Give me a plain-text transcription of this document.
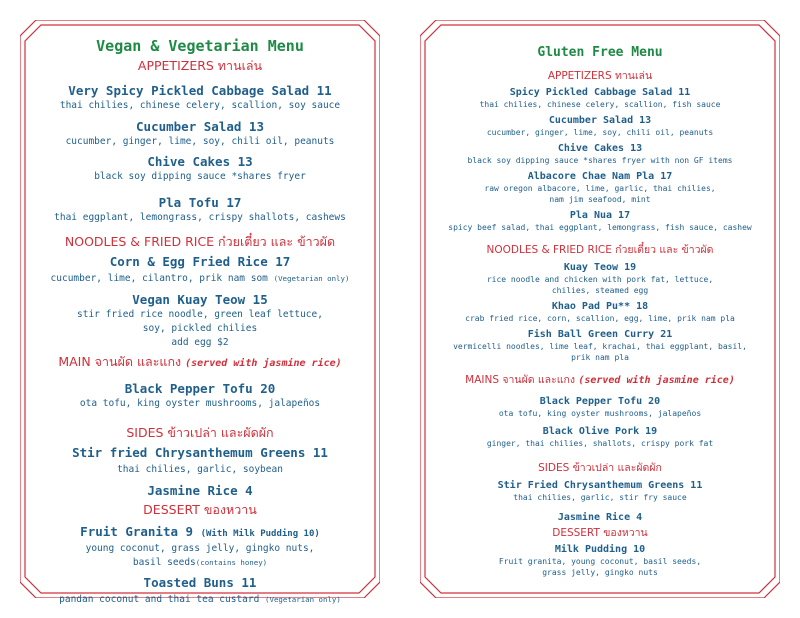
Vegan & Vegetarian Menu
APPETIZERS ทานเล่น
Very Spicy Pickled Cabbage Salad 11
thai chilies, chinese celery, scallion, soy sauce
Cucumber Salad 13
cucumber, ginger, lime, soy, chili oil, peanuts
Chive Cakes 13
black soy dipping sauce *shares fryer
Pla Tofu 17
thai eggplant, lemongrass, crispy shallots, cashews
NOODLES & FRIED RICE ก๋วยเตี๋ยว และ ข้าวผัด
Corn & Egg Fried Rice 17
cucumber, lime, cilantro, prik nam som (Vegetarian only)
Vegan Kuay Teow 15
stir fried rice noodle, green leaf lettuce,
soy, pickled chilies
add egg $2
MAIN จานผัด และแกง (served with jasmine rice)
Black Pepper Tofu 20
ota tofu, king oyster mushrooms, jalapeños
SIDES ข้าวเปล่า และผัดผัก
Stir fried Chrysanthemum Greens 11
thai chilies, garlic, soybean
Jasmine Rice 4
DESSERT ของหวาน
Fruit Granita 9 (With Milk Pudding 10)
young coconut, grass jelly, gingko nuts,
basil seeds(contains honey)
Toasted Buns 11
pandan coconut and thai tea custard (Vegetarian only)
Gluten Free Menu
APPETIZERS ทานเล่น
Spicy Pickled Cabbage Salad 11
thai chilies, chinese celery, scallion, fish sauce
Cucumber Salad 13
cucumber, ginger, lime, soy, chili oil, peanuts
Chive Cakes 13
black soy dipping sauce *shares fryer with non GF items
Albacore Chae Nam Pla 17
raw oregon albacore, lime, garlic, thai chilies,
nam jim seafood, mint
Pla Nua 17
spicy beef salad, thai eggplant, lemongrass, fish sauce, cashew
NOODLES & FRIED RICE ก๋วยเตี๋ยว และ ข้าวผัด
Kuay Teow 19
rice noodle and chicken with pork fat, lettuce,
chilies, steamed egg
Khao Pad Pu** 18
crab fried rice, corn, scallion, egg, lime, prik nam pla
Fish Ball Green Curry 21
vermicelli noodles, lime leaf, krachai, thai eggplant, basil,
prik nam pla
MAINS จานผัด และแกง (served with jasmine rice)
Black Pepper Tofu 20
ota tofu, king oyster mushrooms, jalapeños
Black Olive Pork 19
ginger, thai chilies, shallots, crispy pork fat
SIDES ข้าวเปล่า และผัดผัก
Stir Fried Chrysanthemum Greens 11
thai chilies, garlic, stir fry sauce
Jasmine Rice 4
DESSERT ของหวาน
Milk Pudding 10
Fruit granita, young coconut, basil seeds,
grass jelly, gingko nuts
